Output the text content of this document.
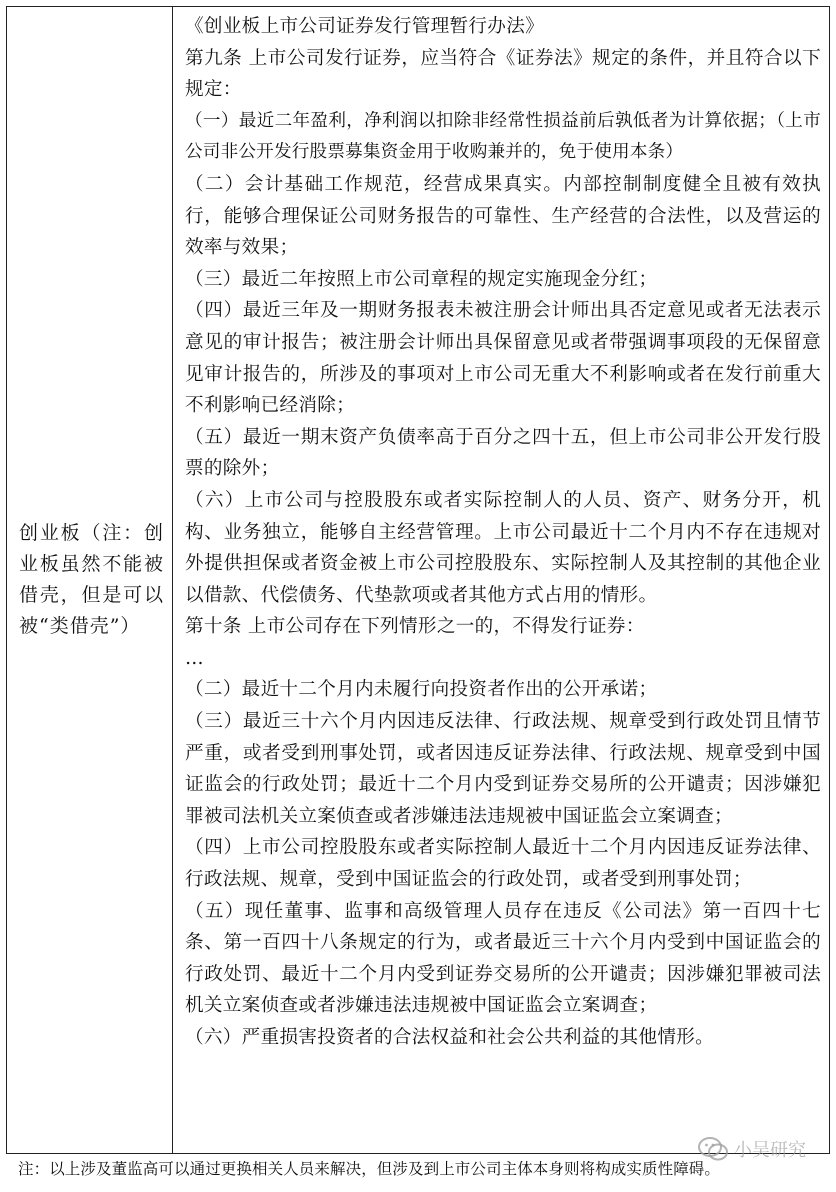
创业板（注：创业板虽然不能被借壳，但是可以被“类借壳”）

《创业板上市公司证券发行管理暂行办法》

第九条 上市公司发行证券，应当符合《证券法》规定的条件，并且符合以下规定：

（一）最近二年盈利，净利润以扣除非经常性损益前后孰低者为计算依据；（上市公司非公开发行股票募集资金用于收购兼并的，免于使用本条）

（二）会计基础工作规范，经营成果真实。内部控制制度健全且被有效执行，能够合理保证公司财务报告的可靠性、生产经营的合法性，以及营运的效率与效果；

（三）最近二年按照上市公司章程的规定实施现金分红；

（四）最近三年及一期财务报表未被注册会计师出具否定意见或者无法表示意见的审计报告；被注册会计师出具保留意见或者带强调事项段的无保留意见审计报告的，所涉及的事项对上市公司无重大不利影响或者在发行前重大不利影响已经消除；

（五）最近一期末资产负债率高于百分之四十五，但上市公司非公开发行股票的除外；

（六）上市公司与控股股东或者实际控制人的人员、资产、财务分开，机构、业务独立，能够自主经营管理。上市公司最近十二个月内不存在违规对外提供担保或者资金被上市公司控股股东、实际控制人及其控制的其他企业以借款、代偿债务、代垫款项或者其他方式占用的情形。

第十条 上市公司存在下列情形之一的，不得发行证券：

…

（二）最近十二个月内未履行向投资者作出的公开承诺；

（三）最近三十六个月内因违反法律、行政法规、规章受到行政处罚且情节严重，或者受到刑事处罚，或者因违反证券法律、行政法规、规章受到中国证监会的行政处罚；最近十二个月内受到证券交易所的公开谴责；因涉嫌犯罪被司法机关立案侦查或者涉嫌违法违规被中国证监会立案调查；

（四）上市公司控股股东或者实际控制人最近十二个月内因违反证券法律、行政法规、规章，受到中国证监会的行政处罚，或者受到刑事处罚；

（五）现任董事、监事和高级管理人员存在违反《公司法》第一百四十七条、第一百四十八条规定的行为，或者最近三十六个月内受到中国证监会的行政处罚、最近十二个月内受到证券交易所的公开谴责；因涉嫌犯罪被司法机关立案侦查或者涉嫌违法违规被中国证监会立案调查；

（六）严重损害投资者的合法权益和社会公共利益的其他情形。

注：以上涉及董监高可以通过更换相关人员来解决，但涉及到上市公司主体本身则将构成实质性障碍。
小吴研究
